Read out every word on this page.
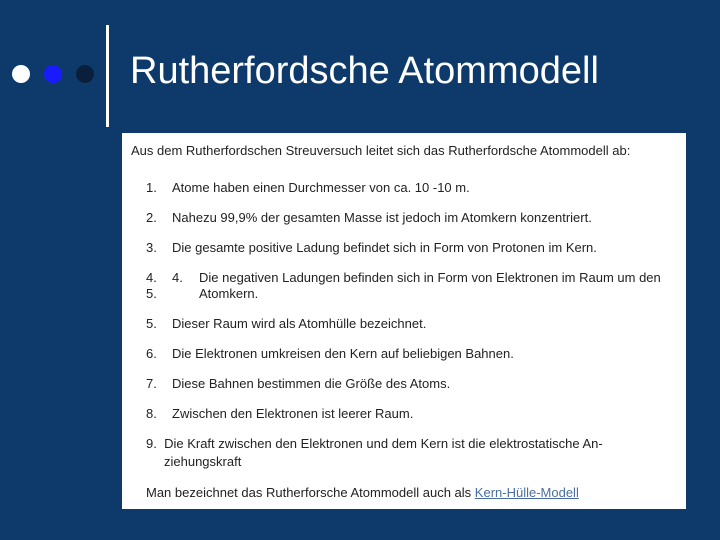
Rutherfordsche Atommodell
Aus dem Rutherfordschen Streuversuch leitet sich das Rutherfordsche Atommodell ab:
1. Atome haben einen Durchmesser von ca. 10 -10 m.
2. Nahezu 99,9% der gesamten Masse ist jedoch im Atomkern konzentriert.
3. Die gesamte positive Ladung befindet sich in Form von Protonen im Kern.
4.
5.
4.	Die negativen Ladungen befinden sich in Form von Elektronen im Raum um den
Atomkern.
5. Dieser Raum wird als Atomhülle bezeichnet.
6. Die Elektronen umkreisen den Kern auf beliebigen Bahnen.
7. Diese Bahnen bestimmen die Größe des Atoms.
8. Zwischen den Elektronen ist leerer Raum.
9. Die Kraft zwischen den Elektronen und dem Kern ist die elektrostatische An-
ziehungskraft
Man bezeichnet das Rutherforsche Atommodell auch als Kern-Hülle-Modell
